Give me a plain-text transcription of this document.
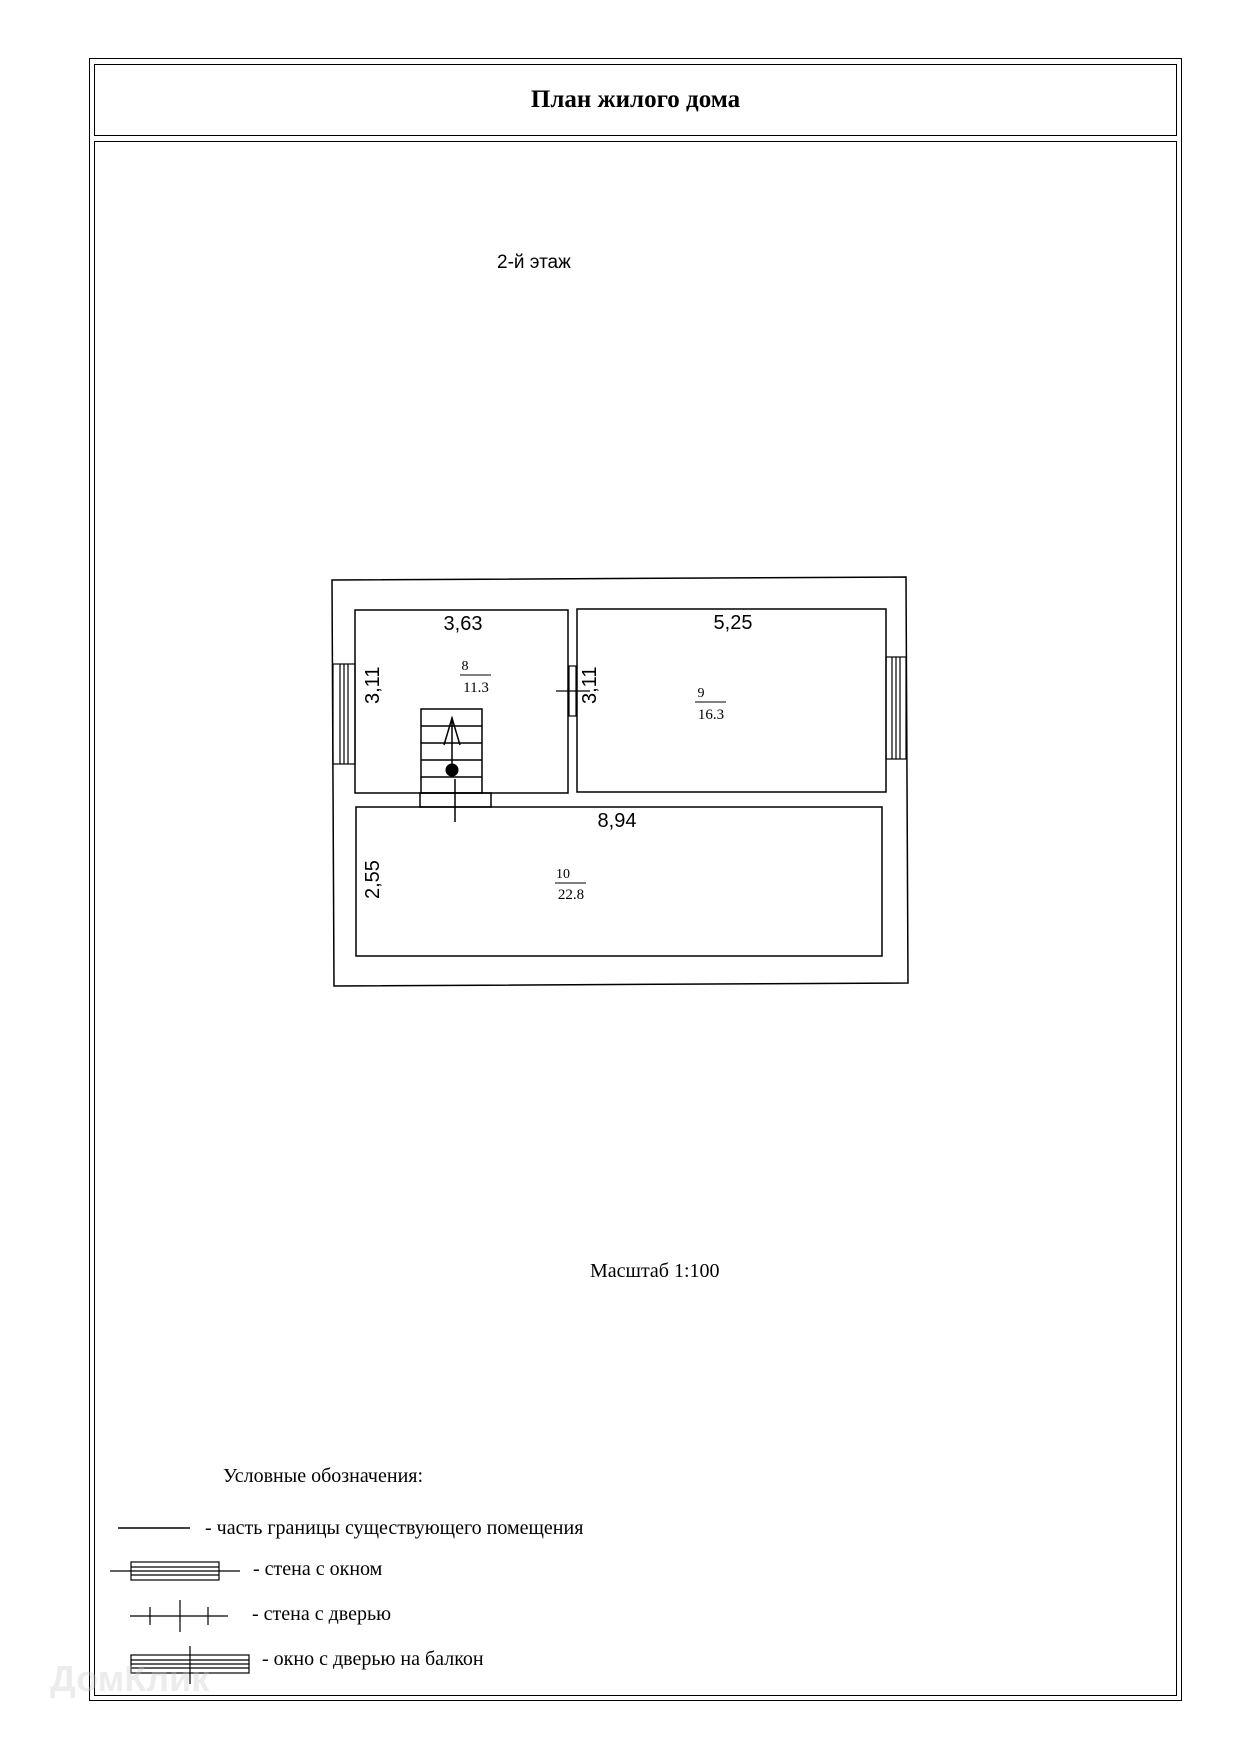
План жилого дома
2-й этаж
3,63	5,25
8,94
3,11	3,11
2,55
8
11.3	9
16.3
10
22.8
Масштаб 1:100
Условные обозначения:
- часть границы существующего помещения
- стена с окном
- стена с дверью
- окно с дверью на балкон
ДомКлик
